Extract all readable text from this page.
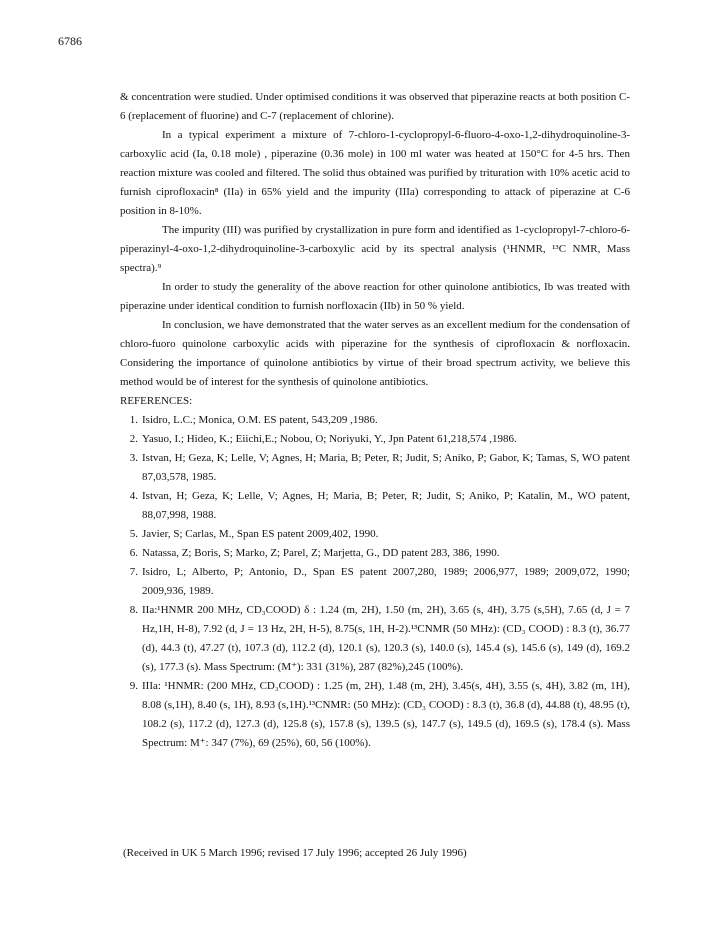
6786

& concentration were studied. Under optimised conditions it was observed that piperazine reacts at both position C-6 (replacement of fluorine) and C-7 (replacement of chlorine).

In a typical experiment a mixture of 7-chloro-1-cyclopropyl-6-fluoro-4-oxo-1,2-dihydroquinoline-3-carboxylic acid (Ia, 0.18 mole) , piperazine (0.36 mole) in 100 ml water was heated at 150°C for 4-5 hrs. Then reaction mixture was cooled and filtered. The solid thus obtained was purified by trituration with 10% acetic acid to furnish ciprofloxacin⁸ (IIa) in 65% yield and the impurity (IIIa) corresponding to attack of piperazine at C-6 position in 8-10%.

The impurity (III) was purified by crystallization in pure form and identified as 1-cyclopropyl-7-chloro-6-piperazinyl-4-oxo-1,2-dihydroquinoline-3-carboxylic acid by its spectral analysis (¹HNMR, ¹³C NMR, Mass spectra).⁹

In order to study the generality of the above reaction for other quinolone antibiotics, Ib was treated with piperazine under identical condition to furnish norfloxacin (IIb) in 50 % yield.

In conclusion, we have demonstrated that the water serves as an excellent medium for the condensation of chloro-fuoro quinolone carboxylic acids with piperazine for the synthesis of ciprofloxacin & norfloxacin. Considering the importance of quinolone antibiotics by virtue of their broad spectrum activity, we believe this method would be of interest for the synthesis of quinolone antibiotics.

REFERENCES:

1. Isidro, L.C.; Monica, O.M. ES patent, 543,209 ,1986.
2. Yasuo, I.; Hideo, K.; Eiichi,E.; Nobou, O; Noriyuki, Y., Jpn Patent 61,218,574 ,1986.
3. Istvan, H; Geza, K; Lelle, V; Agnes, H; Maria, B; Peter, R; Judit, S; Aniko, P; Gabor, K; Tamas, S, WO patent 87,03,578, 1985.
4. Istvan, H; Geza, K; Lelle, V; Agnes, H; Maria, B; Peter, R; Judit, S; Aniko, P; Katalin, M., WO patent, 88,07,998, 1988.
5. Javier, S; Carlas, M., Span ES patent 2009,402, 1990.
6. Natassa, Z; Boris, S; Marko, Z; Parel, Z; Marjetta, G., DD patent 283, 386, 1990.
7. Isidro, L; Alberto, P; Antonio, D., Span ES patent 2007,280, 1989; 2006,977, 1989; 2009,072, 1990; 2009,936, 1989.
8. IIa:¹HNMR 200 MHz, CD₃COOD) δ : 1.24 (m, 2H), 1.50 (m, 2H), 3.65 (s, 4H), 3.75 (s,5H), 7.65 (d, J = 7 Hz,1H, H-8), 7.92 (d, J = 13 Hz, 2H, H-5), 8.75(s, 1H, H-2).¹³CNMR (50 MHz): (CD₃ COOD) : 8.3 (t), 36.77 (d), 44.3 (t), 47.27 (t), 107.3 (d), 112.2 (d), 120.1 (s), 120.3 (s), 140.0 (s), 145.4 (s), 145.6 (s), 149 (d), 169.2 (s), 177.3 (s). Mass Spectrum: (M⁺): 331 (31%), 287 (82%),245 (100%).
9. IIIa: ¹HNMR: (200 MHz, CD₃COOD) : 1.25 (m, 2H), 1.48 (m, 2H), 3.45(s, 4H), 3.55 (s, 4H), 3.82 (m, 1H), 8.08 (s,1H), 8.40 (s, 1H), 8.93 (s,1H).¹³CNMR: (50 MHz): (CD₃ COOD) : 8.3 (t), 36.8 (d), 44.88 (t), 48.95 (t), 108.2 (s), 117.2 (d), 127.3 (d), 125.8 (s), 157.8 (s), 139.5 (s), 147.7 (s), 149.5 (d), 169.5 (s), 178.4 (s). Mass Spectrum: M⁺: 347 (7%), 69 (25%), 60, 56 (100%).
(Received in UK 5 March 1996; revised 17 July 1996; accepted 26 July 1996)
